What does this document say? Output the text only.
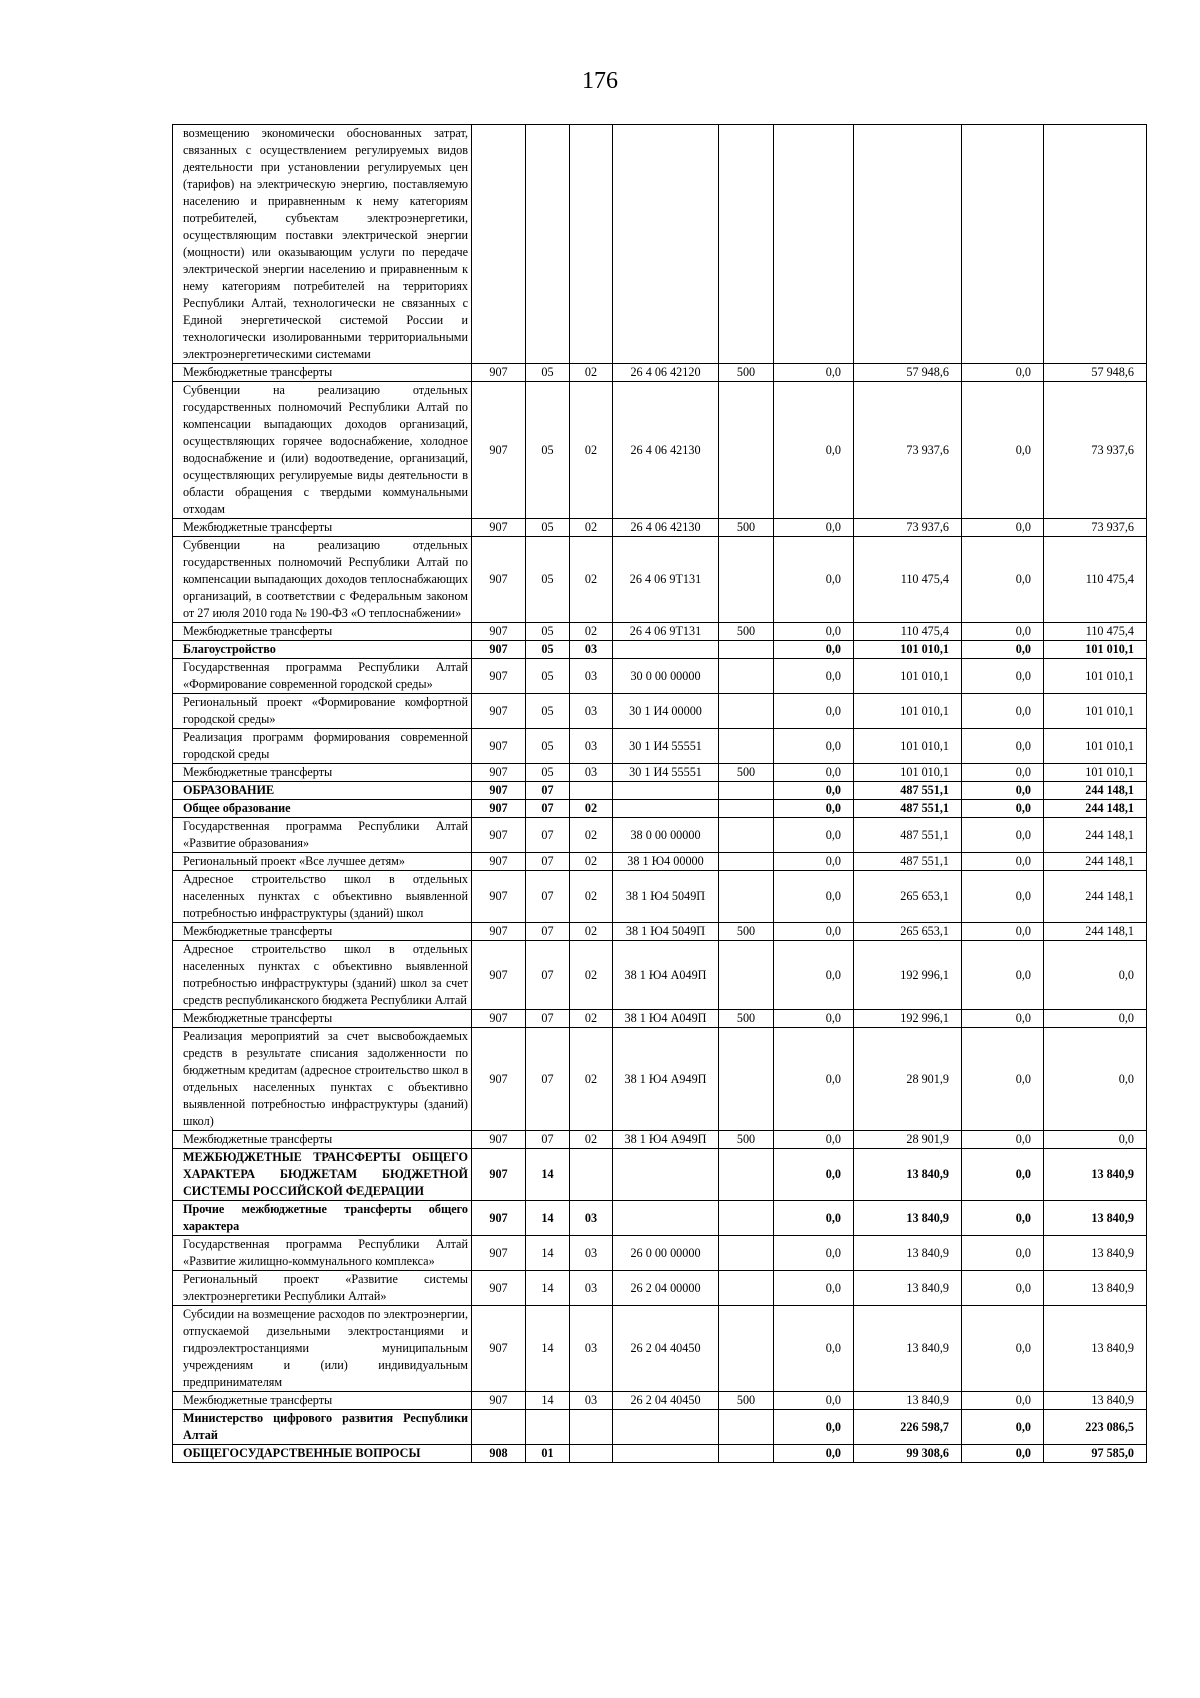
176
возмещению экономически обоснованных затрат, связанных с осуществлением регулируемых видов деятельности при установлении регулируемых цен (тарифов) на электрическую энергию, поставляемую населению и приравненным к нему категориям потребителей, субъектам электроэнергетики, осуществляющим поставки электрической энергии (мощности) или оказывающим услуги по передаче электрической энергии населению и приравненным к нему категориям потребителей на территориях Республики Алтай, технологически не связанных с Единой энергетической системой России и технологически изолированными территориальными электроэнергетическими системами									
Межбюджетные трансферты	907	05	02	26 4 06 42120	500	0,0	57 948,6	0,0	57 948,6
Субвенции на реализацию отдельных государственных полномочий Республики Алтай по компенсации выпадающих доходов организаций, осуществляющих горячее водоснабжение, холодное водоснабжение и (или) водоотведение, организаций, осуществляющих регулируемые виды деятельности в области обращения с твердыми коммунальными отходам	907	05	02	26 4 06 42130		0,0	73 937,6	0,0	73 937,6
Межбюджетные трансферты	907	05	02	26 4 06 42130	500	0,0	73 937,6	0,0	73 937,6
Субвенции на реализацию отдельных государственных полномочий Республики Алтай по компенсации выпадающих доходов теплоснабжающих организаций, в соответствии с Федеральным законом от 27 июля 2010 года № 190-ФЗ «О теплоснабжении»	907	05	02	26 4 06 9Т131		0,0	110 475,4	0,0	110 475,4
Межбюджетные трансферты	907	05	02	26 4 06 9Т131	500	0,0	110 475,4	0,0	110 475,4
Благоустройство	907	05	03			0,0	101 010,1	0,0	101 010,1
Государственная программа Республики Алтай «Формирование современной городской среды»	907	05	03	30 0 00 00000		0,0	101 010,1	0,0	101 010,1
Региональный проект «Формирование комфортной городской среды»	907	05	03	30 1 И4 00000		0,0	101 010,1	0,0	101 010,1
Реализация программ формирования современной городской среды	907	05	03	30 1 И4 55551		0,0	101 010,1	0,0	101 010,1
Межбюджетные трансферты	907	05	03	30 1 И4 55551	500	0,0	101 010,1	0,0	101 010,1
ОБРАЗОВАНИЕ	907	07				0,0	487 551,1	0,0	244 148,1
Общее образование	907	07	02			0,0	487 551,1	0,0	244 148,1
Государственная программа Республики Алтай «Развитие образования»	907	07	02	38 0 00 00000		0,0	487 551,1	0,0	244 148,1
Региональный проект «Все лучшее детям»	907	07	02	38 1 Ю4 00000		0,0	487 551,1	0,0	244 148,1
Адресное строительство школ в отдельных населенных пунктах с объективно выявленной потребностью инфраструктуры (зданий) школ	907	07	02	38 1 Ю4 5049П		0,0	265 653,1	0,0	244 148,1
Межбюджетные трансферты	907	07	02	38 1 Ю4 5049П	500	0,0	265 653,1	0,0	244 148,1
Адресное строительство школ в отдельных населенных пунктах с объективно выявленной потребностью инфраструктуры (зданий) школ за счет средств республиканского бюджета Республики Алтай	907	07	02	38 1 Ю4 А049П		0,0	192 996,1	0,0	0,0
Межбюджетные трансферты	907	07	02	38 1 Ю4 А049П	500	0,0	192 996,1	0,0	0,0
Реализация мероприятий за счет высвобождаемых средств в результате списания задолженности по бюджетным кредитам (адресное строительство школ в отдельных населенных пунктах с объективно выявленной потребностью инфраструктуры (зданий) школ)	907	07	02	38 1 Ю4 А949П		0,0	28 901,9	0,0	0,0
Межбюджетные трансферты	907	07	02	38 1 Ю4 А949П	500	0,0	28 901,9	0,0	0,0
МЕЖБЮДЖЕТНЫЕ ТРАНСФЕРТЫ ОБЩЕГО ХАРАКТЕРА БЮДЖЕТАМ БЮДЖЕТНОЙ СИСТЕМЫ РОССИЙСКОЙ ФЕДЕРАЦИИ	907	14				0,0	13 840,9	0,0	13 840,9
Прочие межбюджетные трансферты общего характера	907	14	03			0,0	13 840,9	0,0	13 840,9
Государственная программа Республики Алтай «Развитие жилищно-коммунального комплекса»	907	14	03	26 0 00 00000		0,0	13 840,9	0,0	13 840,9
Региональный проект «Развитие системы электроэнергетики Республики Алтай»	907	14	03	26 2 04 00000		0,0	13 840,9	0,0	13 840,9
Субсидии на возмещение расходов по электроэнергии, отпускаемой дизельными электростанциями и гидроэлектростанциями муниципальным учреждениям и (или) индивидуальным предпринимателям	907	14	03	26 2 04 40450		0,0	13 840,9	0,0	13 840,9
Межбюджетные трансферты	907	14	03	26 2 04 40450	500	0,0	13 840,9	0,0	13 840,9
Министерство цифрового развития Республики Алтай						0,0	226 598,7	0,0	223 086,5
ОБЩЕГОСУДАРСТВЕННЫЕ ВОПРОСЫ	908	01				0,0	99 308,6	0,0	97 585,0
